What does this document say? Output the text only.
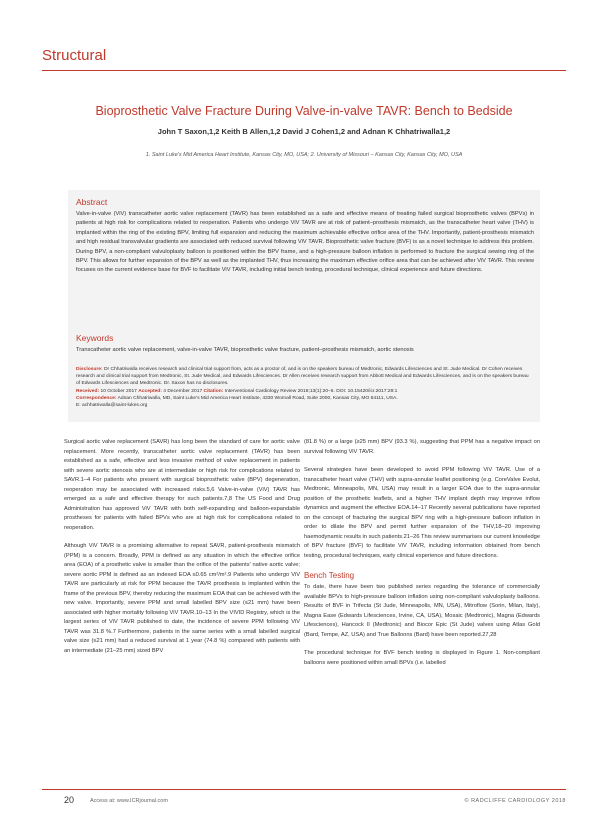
Structural
Bioprosthetic Valve Fracture During Valve-in-valve TAVR: Bench to Bedside
John T Saxon,1,2 Keith B Allen,1,2 David J Cohen1,2 and Adnan K Chhatriwalla1,2
1. Saint Luke's Mid America Heart Institute, Kansas City, MO, USA; 2. University of Missouri – Kansas City, Kansas City, MO, USA
Abstract
Valve-in-valve (ViV) transcatheter aortic valve replacement (TAVR) has been established as a safe and effective means of treating failed surgical bioprosthetic valves (BPVs) in patients at high risk for complications related to reoperation. Patients who undergo ViV TAVR are at risk of patient–prosthesis mismatch, as the transcatheter heart valve (THV) is implanted within the ring of the existing BPV, limiting full expansion and reducing the maximum achievable effective orifice area of the THV. Importantly, patient-prosthesis mismatch and high residual transvalvular gradients are associated with reduced survival following ViV TAVR. Bioprosthetic valve fracture (BVF) is as a novel technique to address this problem. During BPV, a non-compliant valvuloplasty balloon is positioned within the BPV frame, and a high-pressure balloon inflation is performed to fracture the surgical sewing ring of the BPV. This allows for further expansion of the BPV as well as the implanted THV, thus increasing the maximum effective orifice area that can be achieved after ViV TAVR. This review focuses on the current evidence base for BVF to facilitate ViV TAVR, including initial bench testing, procedural technique, clinical experience and future directions.
Keywords
Transcatheter aortic valve replacement, valve-in-valve TAVR, bioprosthetic valve fracture, patient–prosthesis mismatch, aortic stenosis

Disclosure: Dr Chhatriwalla receives research and clinical trial support from, acts as a proctor of, and is on the speakers bureau of Medtronic, Edwards Lifesciences and St. Jude Medical. Dr Cohen receives research and clinical trial support from Medtronic, St. Jude Medical, and Edwards Lifesciences. Dr Allen receives research support from Abbott Medical and Edwards Lifesciences, and is on the speakers bureau of Edwards Lifesciences and Medtronic. Dr. Saxon has no disclosures.

Received: 10 October 2017 Accepted: 4 December 2017 Citation: Interventional Cardiology Review 2018;13(1):20–6. DOI: 10.15420/icr.2017:29:1

Correspondence: Adnan Chhatriwalla, MD, Saint Luke's Mid America Heart Institute, 4330 Wornall Road, Suite 2000, Kansas City, MO 64111, USA.

E: achhatriwalla@saint-lukes.org

Surgical aortic valve replacement (SAVR) has long been the standard of care for aortic valve replacement. More recently, transcatheter aortic valve replacement (TAVR) has been established as a safe, effective and less invasive method of valve replacement in patients with severe aortic stenosis who are at intermediate or high risk for complications related to SAVR.1–4 For patients who present with surgical bioprosthetic valve (BPV) degeneration, reoperation may be associated with increased risks.5,6 Valve-in-valve (ViV) TAVR has emerged as a safe and effective therapy for such patients.7,8 The US Food and Drug Administration has approved ViV TAVR with both self-expanding and balloon-expandable prostheses for patients with failed BPVs who are at high risk for complications related to reoperation.

Although ViV TAVR is a promising alternative to repeat SAVR, patient-prosthesis mismatch (PPM) is a concern. Broadly, PPM is defined as any situation in which the effective orifice area (EOA) of a prosthetic valve is smaller than the orifice of the patients' native aortic valve; severe aortic PPM is defined as an indexed EOA ≤0.65 cm²/m².9 Patients who undergo ViV TAVR are particularly at risk for PPM because the TAVR prosthesis is implanted within the frame of the previous BPV, thereby reducing the maximum EOA that can be achieved with the new valve. Importantly, severe PPM and small labelled BPV size (≤21 mm) have been associated with higher mortality following ViV TAVR.10–13 In the VIVID Registry, which is the largest series of ViV TAVR published to date, the incidence of severe PPM following ViV TAVR was 31.8 %.7 Furthermore, patients in the same series with a small labelled surgical valve size (≤21 mm) had a reduced survival at 1 year (74.8 %) compared with patients with an intermediate (21–25 mm) sized BPV

(81.8 %) or a large (≥25 mm) BPV (93.3 %), suggesting that PPM has a negative impact on survival following ViV TAVR.

Several strategies have been developed to avoid PPM following ViV TAVR. Use of a transcatheter heart valve (THV) with supra-annular leaflet positioning (e.g. CoreValve Evolut, Medtronic, Minneapolis, MN, USA) may result in a larger EOA due to the supra-annular position of the prosthetic leaflets, and a higher THV implant depth may improve inflow dynamics and augment the effective EOA.14–17 Recently several publications have reported on the concept of fracturing the surgical BPV ring with a high-pressure balloon inflation in order to dilate the BPV and permit further expansion of the THV,18–20 improving haemodynamic results in such patients.21–26 This review summarises our current knowledge of BPV fracture (BVF) to facilitate ViV TAVR, including information obtained from bench testing, procedural techniques, early clinical experience and future directions.

Bench Testing

To date, there have been two published series regarding the tolerance of commercially available BPVs to high-pressure balloon inflation using non-compliant valvuloplasty balloons. Results of BVF in Trifecta (St Jude, Minneapolis, MN, USA), Mitroflow (Sorin, Milan, Italy), Magna Ease (Edwards Lifesciences, Irvine, CA, USA), Mosaic (Medtronic), Magna (Edwards Lifesciences), Hancock II (Medtronic) and Biocor Epic (St Jude) valves using Atlas Gold (Bard, Tempe, AZ, USA) and True Balloons (Bard) have been reported.27,28

The procedural technique for BVF bench testing is displayed in Figure 1. Non-compliant balloons were positioned within small BPVs (i.e. labelled

20	Access at: www.ICRjournal.com	© RADCLIFFE CARDIOLOGY 2018
